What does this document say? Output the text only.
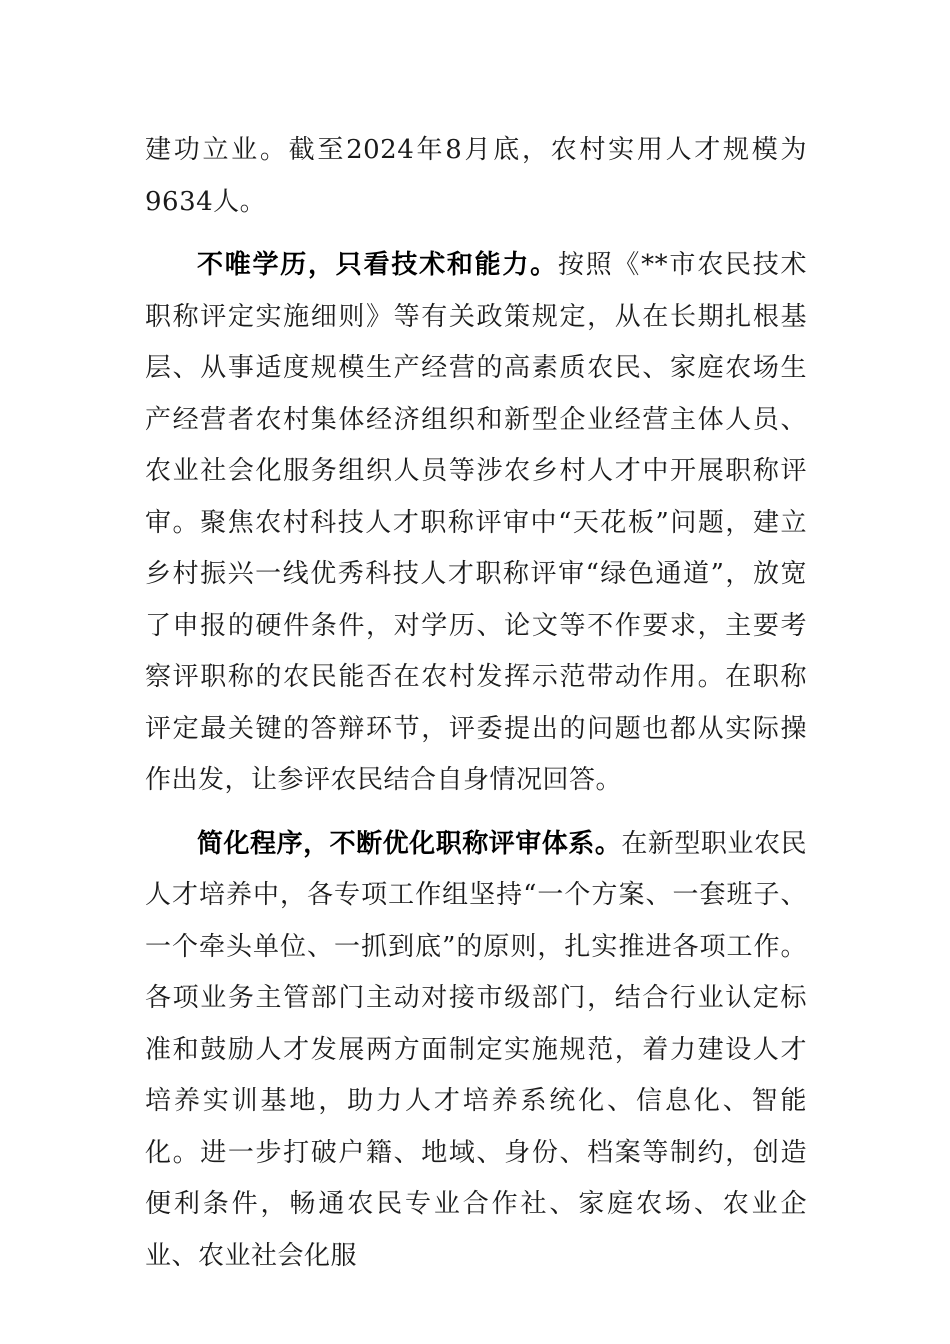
建功立业。截至2024年8月底，农村实用人才规模为9634人。

不唯学历，只看技术和能力。按照《**市农民技术职称评定实施细则》等有关政策规定，从在长期扎根基层、从事适度规模生产经营的高素质农民、家庭农场生产经营者农村集体经济组织和新型企业经营主体人员、农业社会化服务组织人员等涉农乡村人才中开展职称评审。聚焦农村科技人才职称评审中“天花板”问题，建立乡村振兴一线优秀科技人才职称评审“绿色通道”，放宽了申报的硬件条件，对学历、论文等不作要求，主要考察评职称的农民能否在农村发挥示范带动作用。在职称评定最关键的答辩环节，评委提出的问题也都从实际操作出发，让参评农民结合自身情况回答。

简化程序，不断优化职称评审体系。在新型职业农民人才培养中，各专项工作组坚持“一个方案、一套班子、一个牵头单位、一抓到底”的原则，扎实推进各项工作。各项业务主管部门主动对接市级部门，结合行业认定标准和鼓励人才发展两方面制定实施规范，着力建设人才培养实训基地，助力人才培养系统化、信息化、智能化。进一步打破户籍、地域、身份、档案等制约，创造便利条件，畅通农民专业合作社、家庭农场、农业企业、农业社会化服
